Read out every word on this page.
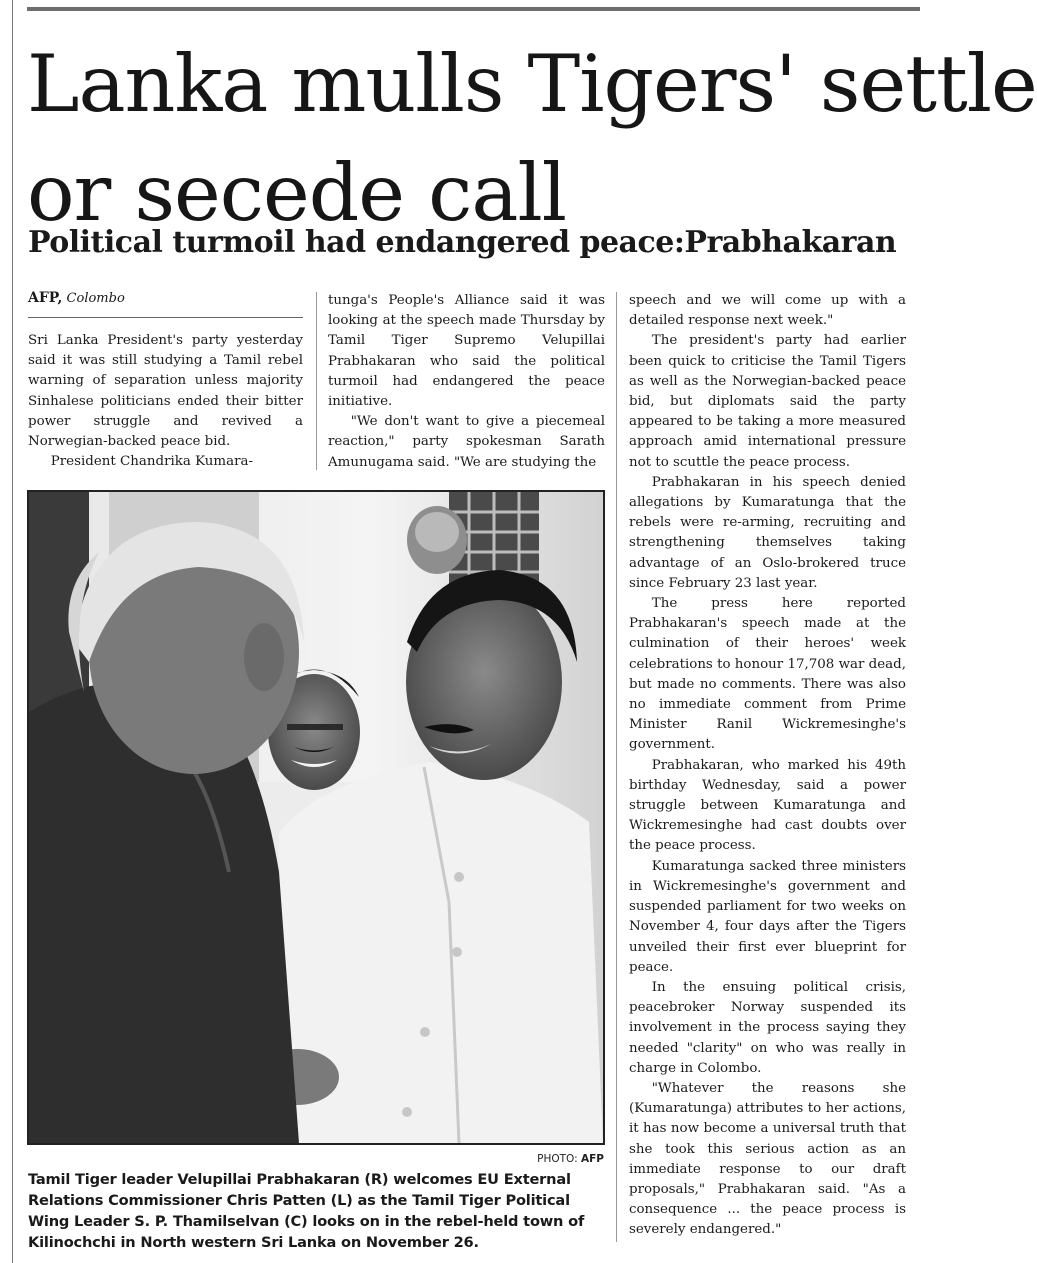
Lanka mulls Tigers' settle
or secede call
Political turmoil had endangered peace:Prabhakaran
AFP, Colombo

Sri Lanka President's party yesterday said it was still studying a Tamil rebel warning of separation unless majority Sinhalese politicians ended their bitter power struggle and revived a Norwegian-backed peace bid.

President Chandrika Kumara-

tunga's People's Alliance said it was looking at the speech made Thursday by Tamil Tiger Supremo Velupillai Prabhakaran who said the political turmoil had endangered the peace initiative.

"We don't want to give a piecemeal reaction," party spokesman Sarath Amunugama said. "We are studying the

speech and we will come up with a detailed response next week."

The president's party had earlier been quick to criticise the Tamil Tigers as well as the Norwegian-backed peace bid, but diplomats said the party appeared to be taking a more measured approach amid international pressure not to scuttle the peace process.

Prabhakaran in his speech denied allegations by Kumaratunga that the rebels were re-arming, recruiting and strengthening themselves taking advantage of an Oslo-brokered truce since February 23 last year.

The press here reported Prabhakaran's speech made at the culmination of their heroes' week celebrations to honour 17,708 war dead, but made no comments. There was also no immediate comment from Prime Minister Ranil Wickremesinghe's government.

Prabhakaran, who marked his 49th birthday Wednesday, said a power struggle between Kumaratunga and Wickremesinghe had cast doubts over the peace process.

Kumaratunga sacked three ministers in Wickremesinghe's government and suspended parliament for two weeks on November 4, four days after the Tigers unveiled their first ever blueprint for peace.

In the ensuing political crisis, peacebroker Norway suspended its involvement in the process saying they needed "clarity" on who was really in charge in Colombo.

"Whatever the reasons she (Kumaratunga) attributes to her actions, it has now become a universal truth that she took this serious action as an immediate response to our draft proposals," Prabhakaran said. "As a consequence ... the peace process is severely endangered."

PHOTO: AFP

Tamil Tiger leader Velupillai Prabhakaran (R) welcomes EU External Relations Commissioner Chris Patten (L) as the Tamil Tiger Political Wing Leader S. P. Thamilselvan (C) looks on in the rebel-held town of Kilinochchi in North western Sri Lanka on November 26.
